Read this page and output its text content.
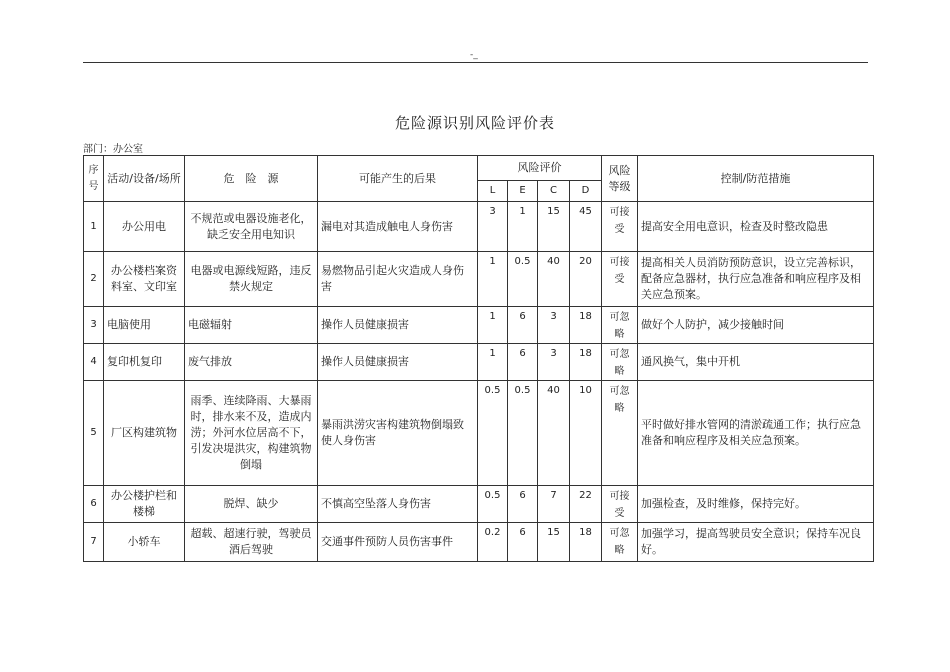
-_
危险源识别风险评价表
部门：办公室
序号	活动/设备/场所	危　险　源	可能产生的后果	风险评价				风险等级	控制/防范措施
				L	E	C	D		
1	办公用电	不规范或电器设施老化，缺乏安全用电知识	漏电对其造成触电人身伤害	3	1	15	45	可接受	提高安全用电意识，检查及时整改隐患
2	办公楼档案资料室、文印室	电器或电源线短路，违反禁火规定	易燃物品引起火灾造成人身伤害	1	0.5	40	20	可接受	提高相关人员消防预防意识，设立完善标识，配备应急器材，执行应急准备和响应程序及相关应急预案。
3	电脑使用	电磁辐射	操作人员健康损害	1	6	3	18	可忽略	做好个人防护，减少接触时间
4	复印机复印	废气排放	操作人员健康损害	1	6	3	18	可忽略	通风换气，集中开机
5	厂区构建筑物	雨季、连续降雨、大暴雨时，排水来不及，造成内涝；外河水位居高不下，引发决堤洪灾，构建筑物倒塌	暴雨洪涝灾害构建筑物倒塌致使人身伤害	0.5	0.5	40	10	可忽略	平时做好排水管网的清淤疏通工作；执行应急准备和响应程序及相关应急预案。
6	办公楼护栏和楼梯	脱焊、缺少	不慎高空坠落人身伤害	0.5	6	7	22	可接受	加强检查，及时维修，保持完好。
7	小轿车	超载、超速行驶，驾驶员酒后驾驶	交通事件预防人员伤害事件	0.2	6	15	18	可忽略	加强学习，提高驾驶员安全意识；保持车况良好。
